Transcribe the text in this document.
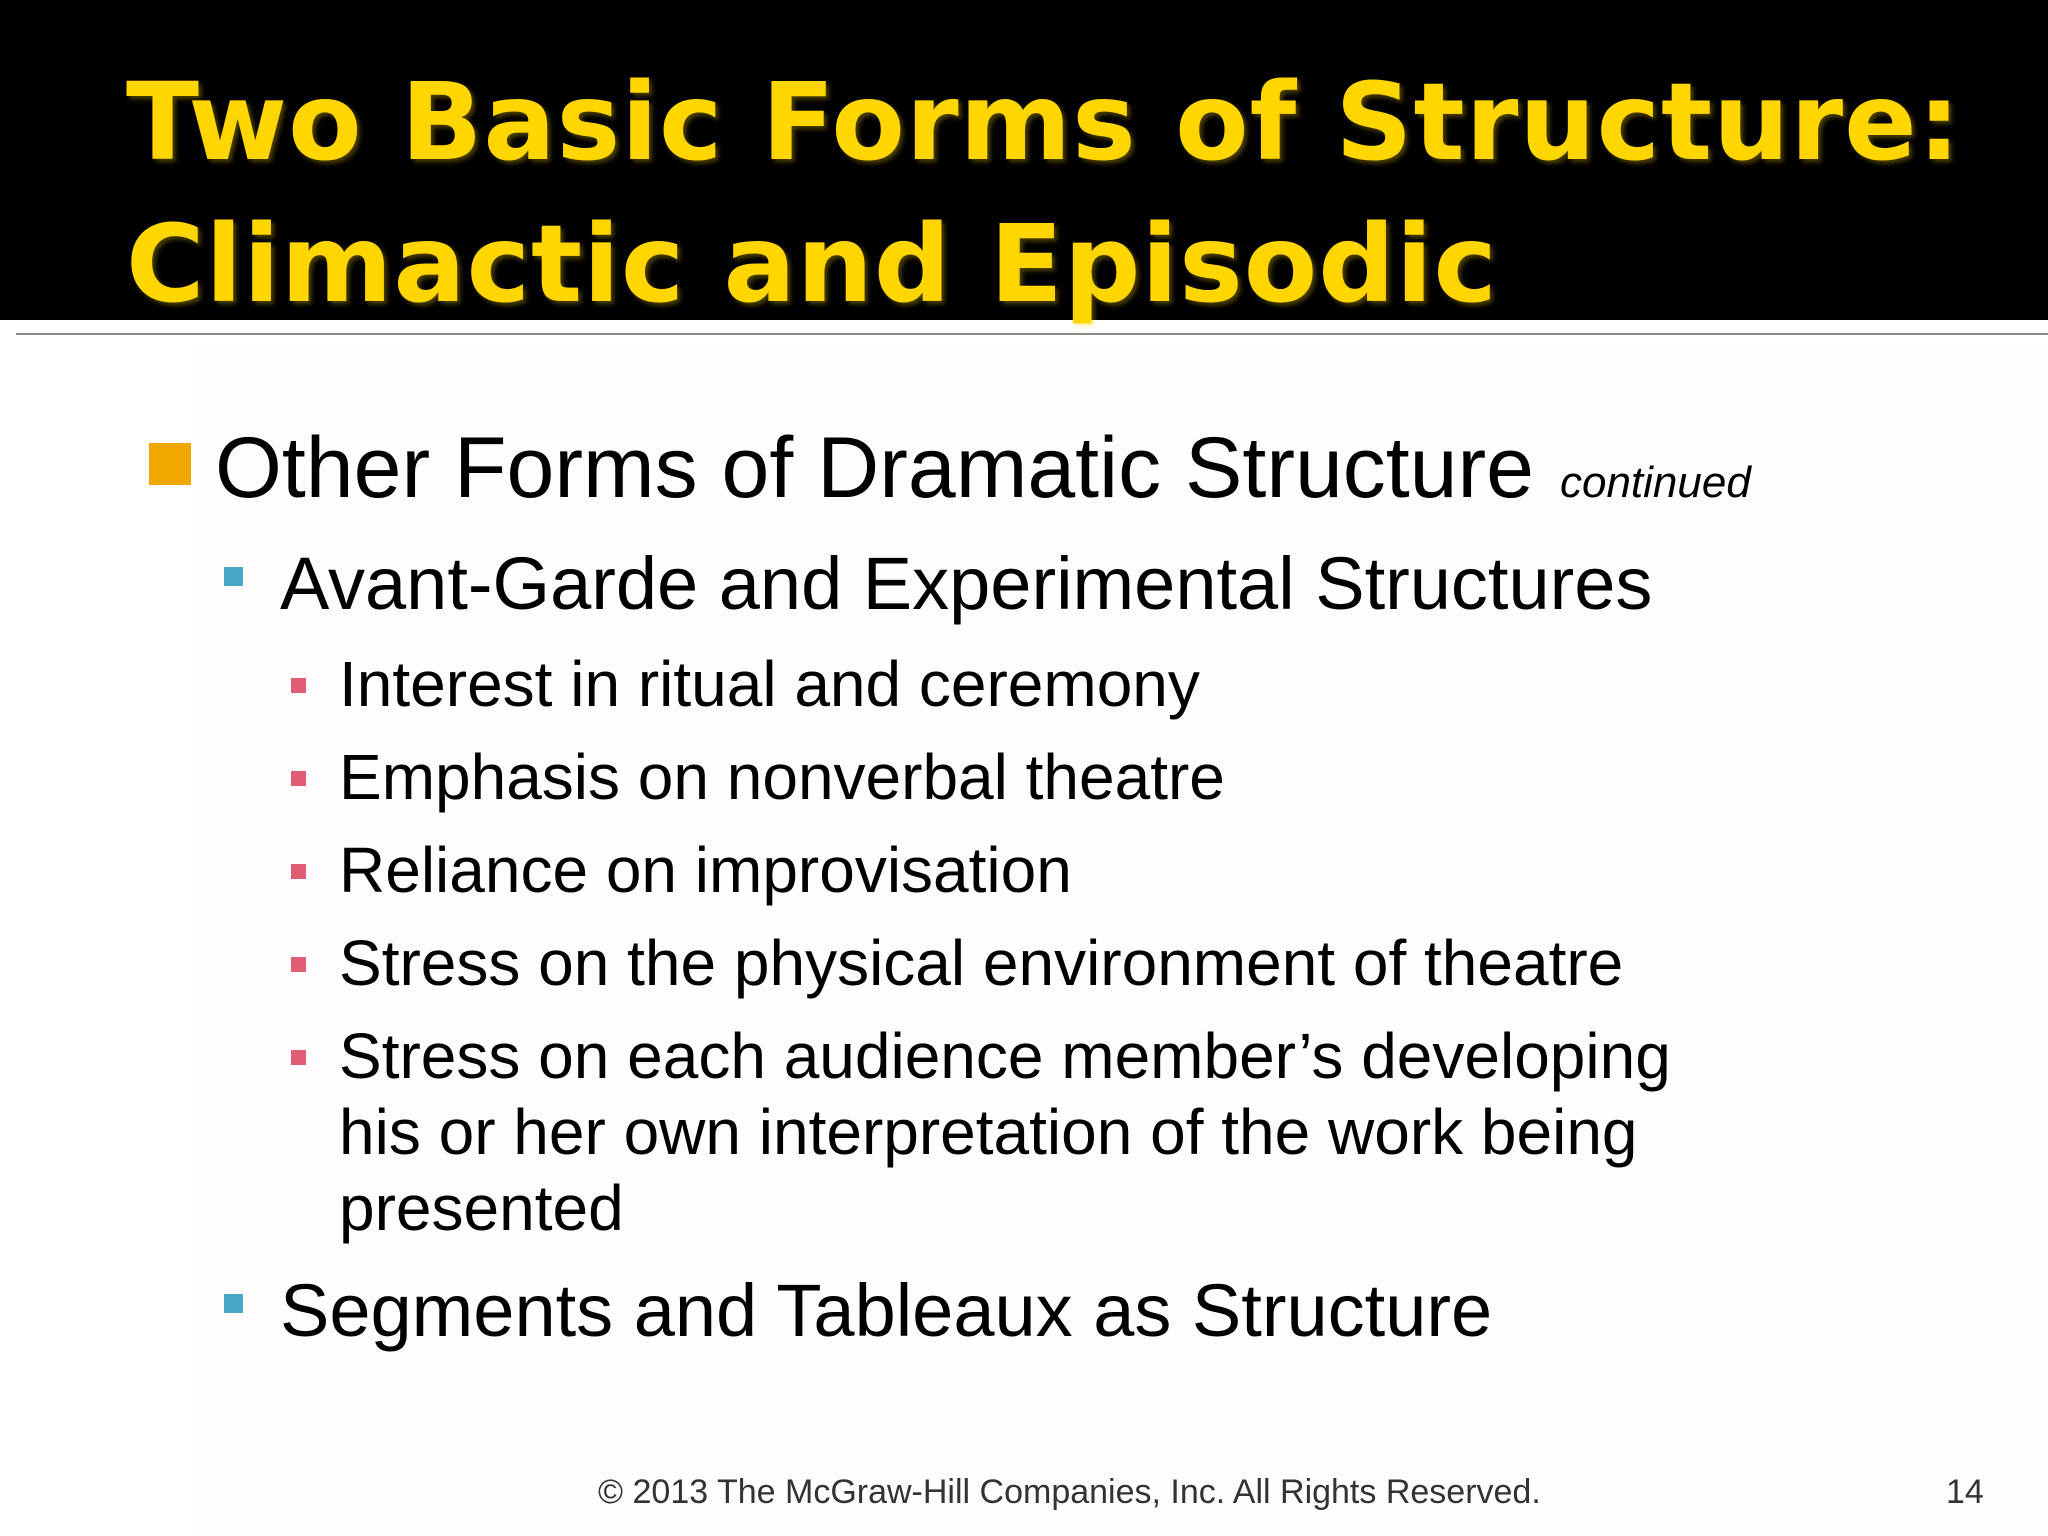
Two Basic Forms of Structure:
Climactic and Episodic
Other Forms of Dramatic Structure continued
Avant-Garde and Experimental Structures
Interest in ritual and ceremony
Emphasis on nonverbal theatre
Reliance on improvisation
Stress on the physical environment of theatre
Stress on each audience member’s developing
his or her own interpretation of the work being
presented
Segments and Tableaux as Structure
© 2013 The McGraw-Hill Companies, Inc. All Rights Reserved.	14
